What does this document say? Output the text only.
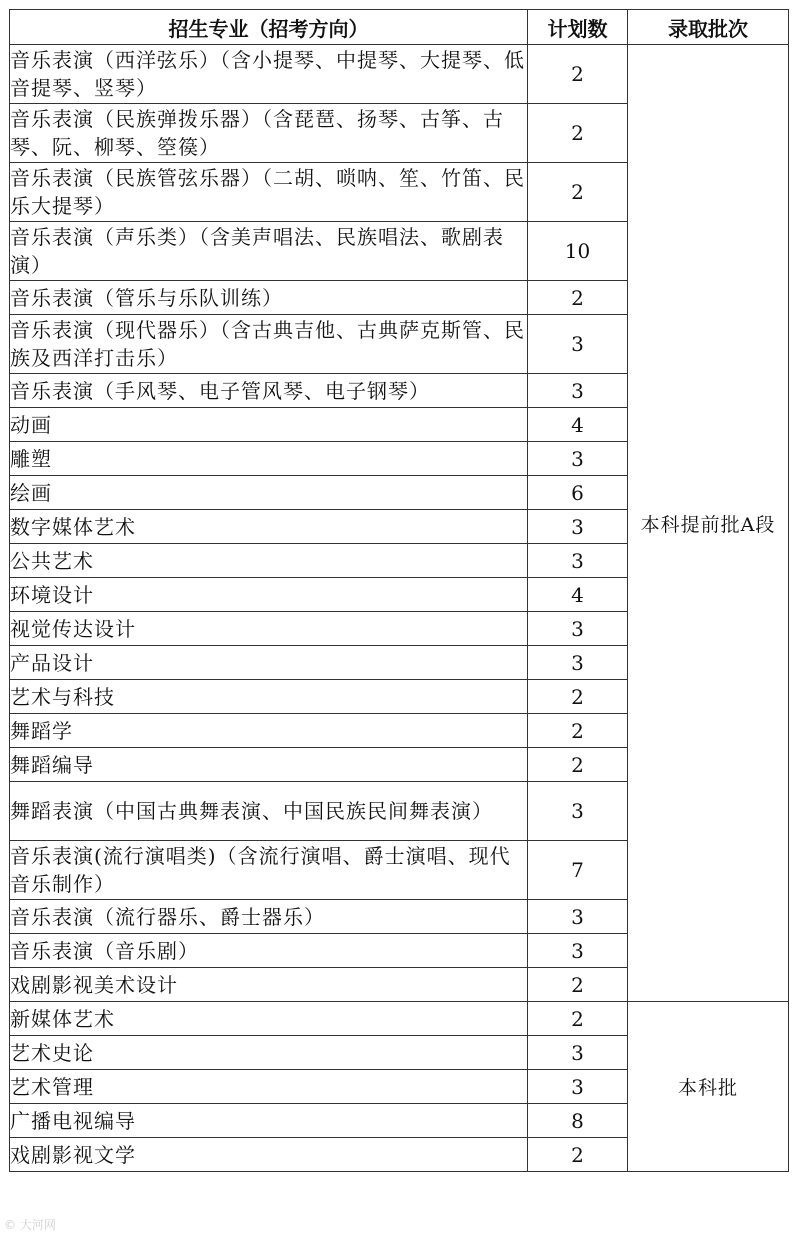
招生专业（招考方向）	计划数	录取批次
音乐表演（西洋弦乐）（含小提琴、中提琴、大提琴、低音提琴、竖琴）	2	本科提前批A段
音乐表演（民族弹拨乐器）（含琵琶、扬琴、古筝、古琴、阮、柳琴、箜篌）	2	
音乐表演（民族管弦乐器）（二胡、唢呐、笙、竹笛、民乐大提琴）	2	
音乐表演（声乐类）（含美声唱法、民族唱法、歌剧表演）	10	
音乐表演（管乐与乐队训练）	2	
音乐表演（现代器乐）（含古典吉他、古典萨克斯管、民族及西洋打击乐）	3	
音乐表演（手风琴、电子管风琴、电子钢琴）	3	
动画	4	
雕塑	3	
绘画	6	
数字媒体艺术	3	
公共艺术	3	
环境设计	4	
视觉传达设计	3	
产品设计	3	
艺术与科技	2	
舞蹈学	2	
舞蹈编导	2	
舞蹈表演（中国古典舞表演、中国民族民间舞表演）	3	
音乐表演(流行演唱类)（含流行演唱、爵士演唱、现代音乐制作）	7	
音乐表演（流行器乐、爵士器乐）	3	
音乐表演（音乐剧）	3	
戏剧影视美术设计	2	
新媒体艺术	2	本科批
艺术史论	3	
艺术管理	3	
广播电视编导	8	
戏剧影视文学	2	
© 大河网
